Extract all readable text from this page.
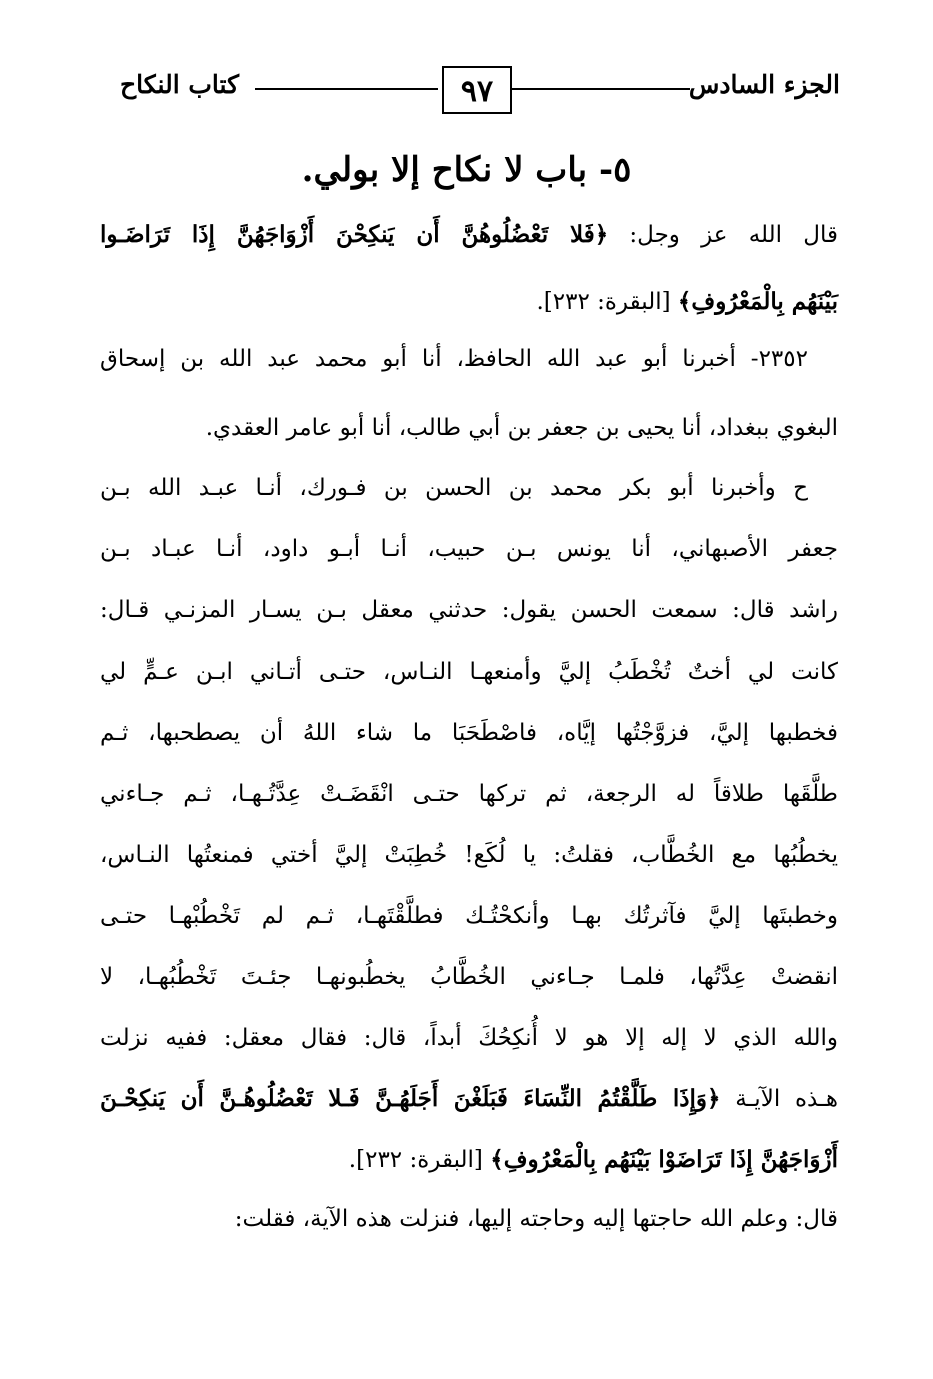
الجزء السادس
٩٧
كتاب النكاح
٥- باب لا نكاح إلا بولي.
قال الله عز وجل: ﴿فَلا تَعْضُلُوهُنَّ أَن يَنكِحْنَ أَزْوَاجَهُنَّ إِذَا تَرَاضَـوا
بَيْنَهُم بِالْمَعْرُوفِ﴾ [البقرة: ٢٣٢].
٢٣٥٢- أخبرنا أبو عبد الله الحافظ، أنا أبو محمد عبد الله بن إسحاق
البغوي ببغداد، أنا يحيى بن جعفر بن أبي طالب، أنا أبو عامر العقدي.
ح وأخبرنا أبو بكر محمد بن الحسن بن فـورك، أنـا عبـد الله بـن
جعفر الأصبهاني، أنا يونس بـن حبيب، أنـا أبـو داود، أنـا عبـاد بـن
راشد قال: سمعت الحسن يقول: حدثني معقل بـن يسـار المزنـي قـال:
كانت لي أختٌ تُخْطَبُ إليَّ وأمنعهـا النـاس، حتـى أتـاني ابـن عـمٍّ لي
فخطبها إليَّ، فزوَّجْتُها إيَّاه، فاصْطَحَبَا ما شاء اللهُ أن يصطحبها، ثـم
طلَّقَها طلاقاً له الرجعة، ثم تركها حتـى انْقَضَـتْ عِدَّتُـهـا، ثـم جـاءني
يخطُبُها مع الخُطَّاب، فقلتُ: يا لُكَع! خُطِبَتْ إليَّ أختي فمنعتُها النـاس،
وخطبتَها إليَّ فآثرتُك بهـا وأنكحْتُـك فطلَّقْتَهـا، ثـم لم تَخْطُبْهـا حتـى
انقضتْ عِدَّتُها، فلمـا جـاءني الخُطَّابُ يخطُبونهـا جئـتَ تَخْطُبُهـا، لا
والله الذي لا إله إلا هو لا أُنكِحُكَ أبداً، قال: فقال معقل: ففيه نزلت
هـذه الآيـة ﴿وَإِذَا طَلَّقْتُمُ النِّسَاءَ فَبَلَغْنَ أَجَلَهُـنَّ فَـلا تَعْضُلُوهُـنَّ أَن يَنكِحْـنَ
أَزْوَاجَهُنَّ إِذَا تَرَاضَوْا بَيْنَهُم بِالْمَعْرُوفِ﴾ [البقرة: ٢٣٢].
قال: وعلم الله حاجتها إليه وحاجته إليها، فنزلت هذه الآية، فقلت:
